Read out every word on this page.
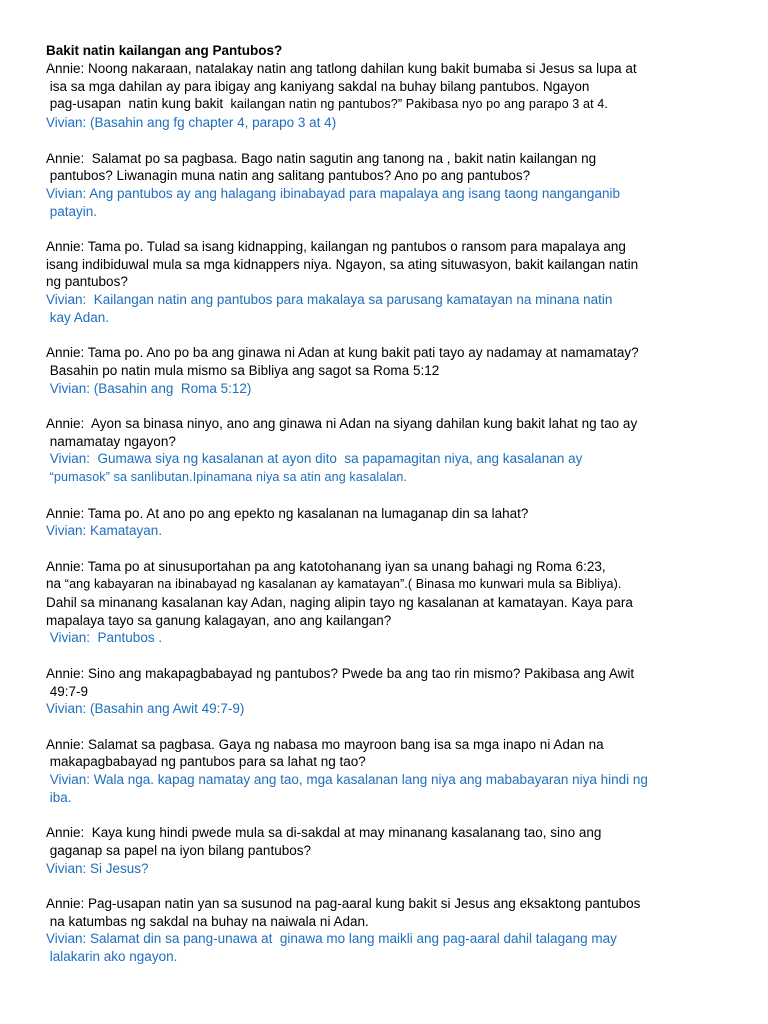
Bakit natin kailangan ang Pantubos?

Annie: Noong nakaraan, natalakay natin ang tatlong dahilan kung bakit bumaba si Jesus sa lupa at

isa sa mga dahilan ay para ibigay ang kaniyang sakdal na buhay bilang pantubos. Ngayon

pag-usapan  natin kung bakit  kailangan natin ng pantubos?” Pakibasa nyo po ang parapo 3 at 4.

Vivian: (Basahin ang fg chapter 4, parapo 3 at 4)

Annie:  Salamat po sa pagbasa. Bago natin sagutin ang tanong na , bakit natin kailangan ng

pantubos? Liwanagin muna natin ang salitang pantubos? Ano po ang pantubos?

Vivian: Ang pantubos ay ang halagang ibinabayad para mapalaya ang isang taong nanganganib

patayin.

Annie: Tama po. Tulad sa isang kidnapping, kailangan ng pantubos o ransom para mapalaya ang

isang indibiduwal mula sa mga kidnappers niya. Ngayon, sa ating situwasyon, bakit kailangan natin

ng pantubos?

Vivian:  Kailangan natin ang pantubos para makalaya sa parusang kamatayan na minana natin

kay Adan.

Annie: Tama po. Ano po ba ang ginawa ni Adan at kung bakit pati tayo ay nadamay at namamatay?

Basahin po natin mula mismo sa Bibliya ang sagot sa Roma 5:12

Vivian: (Basahin ang  Roma 5:12)

Annie:  Ayon sa binasa ninyo, ano ang ginawa ni Adan na siyang dahilan kung bakit lahat ng tao ay

namamatay ngayon?

Vivian:  Gumawa siya ng kasalanan at ayon dito  sa papamagitan niya, ang kasalanan ay

“pumasok” sa sanlibutan.Ipinamana niya sa atin ang kasalalan.

Annie: Tama po. At ano po ang epekto ng kasalanan na lumaganap din sa lahat?

Vivian: Kamatayan.

Annie: Tama po at sinusuportahan pa ang katotohanang iyan sa unang bahagi ng Roma 6:23,

na “ang kabayaran na ibinabayad ng kasalanan ay kamatayan”.( Binasa mo kunwari mula sa Bibliya).

Dahil sa minanang kasalanan kay Adan, naging alipin tayo ng kasalanan at kamatayan. Kaya para

mapalaya tayo sa ganung kalagayan, ano ang kailangan?

Vivian:  Pantubos .

Annie: Sino ang makapagbabayad ng pantubos? Pwede ba ang tao rin mismo? Pakibasa ang Awit

49:7-9

Vivian: (Basahin ang Awit 49:7-9)

Annie: Salamat sa pagbasa. Gaya ng nabasa mo mayroon bang isa sa mga inapo ni Adan na

makapagbabayad ng pantubos para sa lahat ng tao?

Vivian: Wala nga. kapag namatay ang tao, mga kasalanan lang niya ang mababayaran niya hindi ng

iba.

Annie:  Kaya kung hindi pwede mula sa di-sakdal at may minanang kasalanang tao, sino ang

gaganap sa papel na iyon bilang pantubos?

Vivian: Si Jesus?

Annie: Pag-usapan natin yan sa susunod na pag-aaral kung bakit si Jesus ang eksaktong pantubos

na katumbas ng sakdal na buhay na naiwala ni Adan.

Vivian: Salamat din sa pang-unawa at  ginawa mo lang maikli ang pag-aaral dahil talagang may

lalakarin ako ngayon.
